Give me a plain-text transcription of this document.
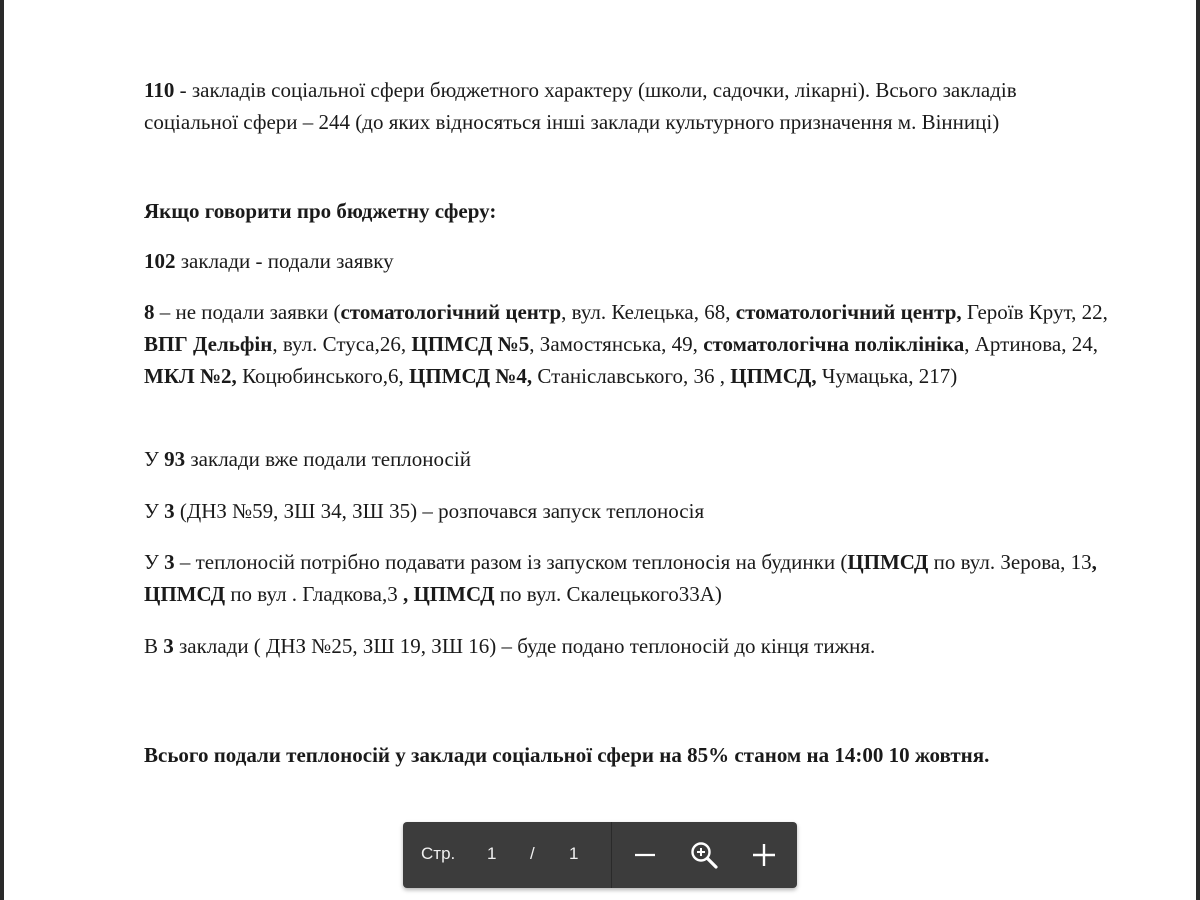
110 - закладів соціальної сфери бюджетного характеру (школи, садочки, лікарні). Всього закладів соціальної сфери – 244 (до яких відносяться інші заклади культурного призначення м. Вінниці)

Якщо говорити про бюджетну сферу:

102 заклади - подали заявку

8 – не подали заявки (стоматологічний центр, вул. Келецька, 68, стоматологічний центр, Героїв Крут, 22, ВПГ Дельфін, вул. Стуса,26, ЦПМСД №5, Замостянська, 49, стоматологічна поліклініка, Артинова, 24, МКЛ №2, Коцюбинського,6, ЦПМСД №4, Станіславського, 36 , ЦПМСД, Чумацька, 217)

У 93 заклади вже подали теплоносій

У 3 (ДНЗ №59, ЗШ 34, ЗШ 35) – розпочався запуск теплоносія

У 3 – теплоносій потрібно подавати разом із запуском теплоносія на будинки (ЦПМСД по вул. Зерова, 13, ЦПМСД по вул . Гладкова,3 , ЦПМСД по вул. Скалецького33А)

В 3 заклади ( ДНЗ №25, ЗШ 19, ЗШ 16) – буде подано теплоносій до кінця тижня.

Всього подали теплоносій у заклади соціальної сфери на 85% станом на 14:00 10 жовтня.

Стр. 1 / 1
